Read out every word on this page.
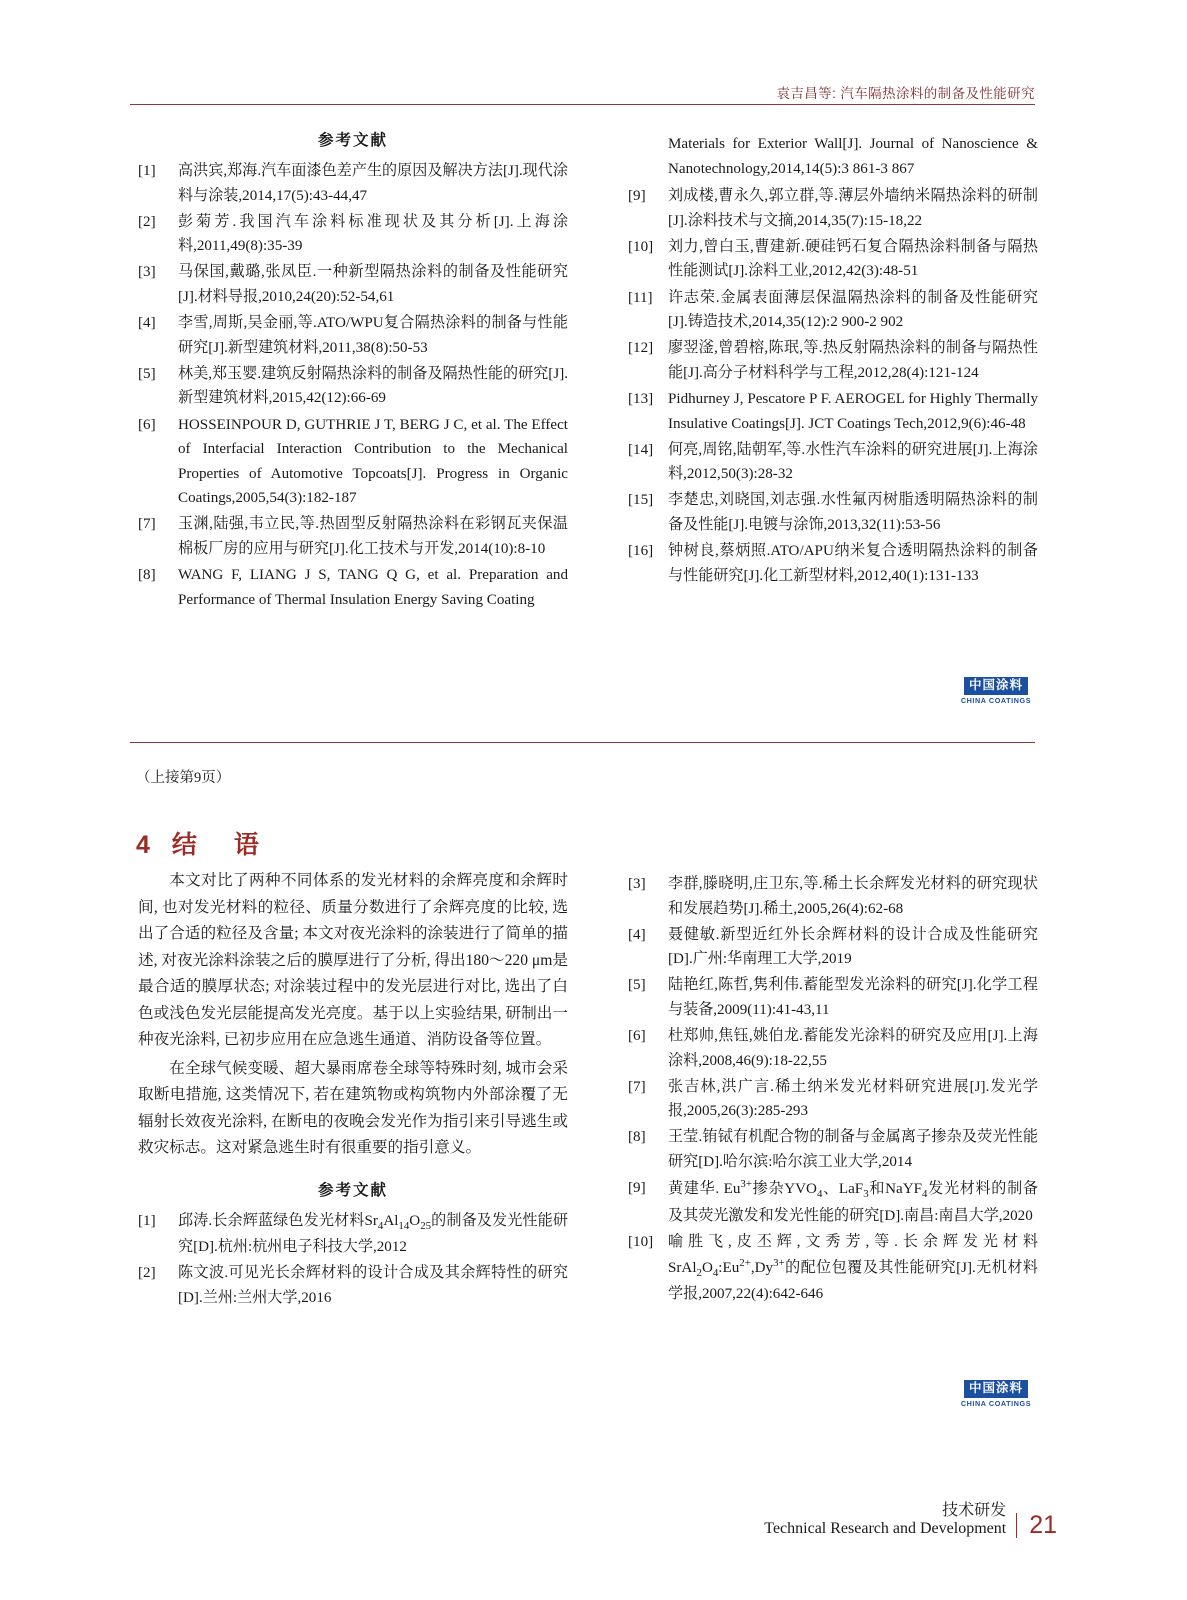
袁吉昌等: 汽车隔热涂料的制备及性能研究
参考文献
[1]	高洪宾,郑海.汽车面漆色差产生的原因及解决方法[J].现代涂料与涂装,2014,17(5):43-44,47
[2]	彭菊芳.我国汽车涂料标准现状及其分析[J].上海涂料,2011,49(8):35-39
[3]	马保国,戴璐,张凤臣.一种新型隔热涂料的制备及性能研究[J].材料导报,2010,24(20):52-54,61
[4]	李雪,周斯,吴金丽,等.ATO/WPU复合隔热涂料的制备与性能研究[J].新型建筑材料,2011,38(8):50-53
[5]	林美,郑玉婴.建筑反射隔热涂料的制备及隔热性能的研究[J].新型建筑材料,2015,42(12):66-69
[6]	HOSSEINPOUR D, GUTHRIE J T, BERG J C, et al. The Effect of Interfacial Interaction Contribution to the Mechanical Properties of Automotive Topcoats[J]. Progress in Organic Coatings,2005,54(3):182-187
[7]	玉渊,陆强,韦立民,等.热固型反射隔热涂料在彩钢瓦夹保温棉板厂房的应用与研究[J].化工技术与开发,2014(10):8-10
[8]	WANG F, LIANG J S, TANG Q G, et al. Preparation and Performance of Thermal Insulation Energy Saving Coating
Materials for Exterior Wall[J]. Journal of Nanoscience & Nanotechnology,2014,14(5):3 861-3 867
[9]	刘成楼,曹永久,郭立群,等.薄层外墙纳米隔热涂料的研制[J].涂料技术与文摘,2014,35(7):15-18,22
[10] 刘力,曾白玉,曹建新.硬硅钙石复合隔热涂料制备与隔热性能测试[J].涂料工业,2012,42(3):48-51
[11]	许志荣.金属表面薄层保温隔热涂料的制备及性能研究[J].铸造技术,2014,35(12):2 900-2 902
[12] 廖翌滏,曾碧榕,陈珉,等.热反射隔热涂料的制备与隔热性能[J].高分子材料科学与工程,2012,28(4):121-124
[13] Pidhurney J, Pescatore P F. AEROGEL for Highly Thermally Insulative Coatings[J]. JCT Coatings Tech,2012,9(6):46-48
[14] 何亮,周铭,陆朝军,等.水性汽车涂料的研究进展[J].上海涂料,2012,50(3):28-32
[15] 李楚忠,刘晓国,刘志强.水性氟丙树脂透明隔热涂料的制备及性能[J].电镀与涂饰,2013,32(11):53-56
[16] 钟树良,蔡炳照.ATO/APU纳米复合透明隔热涂料的制备与性能研究[J].化工新型材料,2012,40(1):131-133
中国涂料
CHINA COATINGS
（上接第9页）
4 结　语

本文对比了两种不同体系的发光材料的余辉亮度和余辉时间, 也对发光材料的粒径、质量分数进行了余辉亮度的比较, 选出了合适的粒径及含量; 本文对夜光涂料的涂装进行了简单的描述, 对夜光涂料涂装之后的膜厚进行了分析, 得出180～220 μm是最合适的膜厚状态; 对涂装过程中的发光层进行对比, 选出了白色或浅色发光层能提高发光亮度。基于以上实验结果, 研制出一种夜光涂料, 已初步应用在应急逃生通道、消防设备等位置。

在全球气候变暖、超大暴雨席卷全球等特殊时刻, 城市会采取断电措施, 这类情况下, 若在建筑物或构筑物内外部涂覆了无辐射长效夜光涂料, 在断电的夜晚会发光作为指引来引导逃生或救灾标志。这对紧急逃生时有很重要的指引意义。

参考文献
[1]	邱涛.长余辉蓝绿色发光材料$Sr_4Al_{14}O_{25}$的制备及发光性能研究[D].杭州:杭州电子科技大学,2012
[2]	陈文波.可见光长余辉材料的设计合成及其余辉特性的研究[D].兰州:兰州大学,2016
[3]	李群,滕晓明,庄卫东,等.稀土长余辉发光材料的研究现状和发展趋势[J].稀土,2005,26(4):62-68
[4]	聂健敏.新型近红外长余辉材料的设计合成及性能研究[D].广州:华南理工大学,2019
[5]	陆艳红,陈哲,隽利伟.蓄能型发光涂料的研究[J].化学工程与装备,2009(11):41-43,11
[6]	杜郑帅,焦钰,姚伯龙.蓄能发光涂料的研究及应用[J].上海涂料,2008,46(9):18-22,55
[7]	张吉林,洪广言.稀土纳米发光材料研究进展[J].发光学报,2005,26(3):285-293
[8]	王莹.铕铽有机配合物的制备与金属离子掺杂及荧光性能研究[D].哈尔滨:哈尔滨工业大学,2014
[9]	黄建华. $Eu^{3+}$掺杂$YVO_4$、LaF$_3$和NaYF$_4$发光材料的制备及其荧光激发和发光性能的研究[D].南昌:南昌大学,2020
[10] 喻胜飞,皮丕辉,文秀芳,等.长余辉发光材料$SrAl_2O_4:Eu^{2+},Dy^{3+}$的配位包覆及其性能研究[J].无机材料学报,2007,22(4):642-646
中国涂料
CHINA COATINGS
技术研发
Technical Research and Development 21
